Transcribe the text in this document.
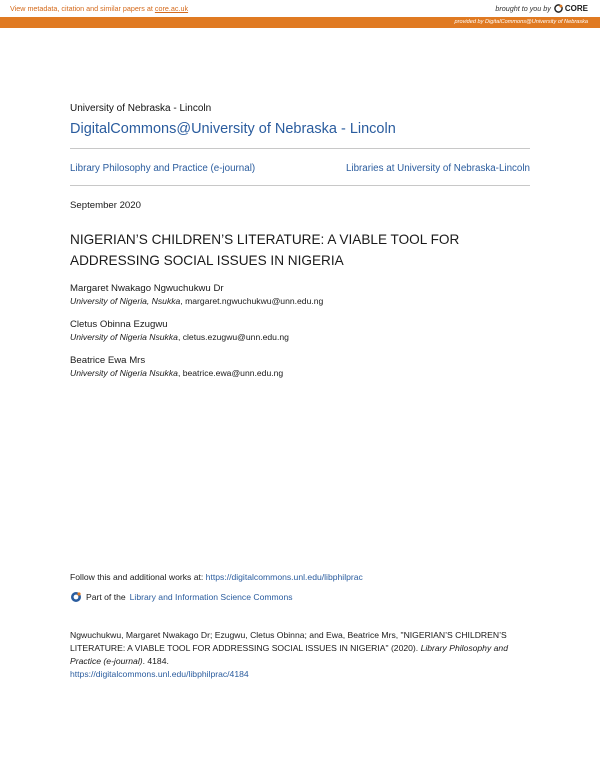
View metadata, citation and similar papers at core.ac.uk	brought to you by CORE
provided by DigitalCommons@University of Nebraska
University of Nebraska - Lincoln
DigitalCommons@University of Nebraska - Lincoln
Library Philosophy and Practice (e-journal)	Libraries at University of Nebraska-Lincoln
September 2020
NIGERIAN’S CHILDREN’S LITERATURE: A VIABLE TOOL FOR ADDRESSING SOCIAL ISSUES IN NIGERIA
Margaret Nwakago Ngwuchukwu Dr
University of Nigeria, Nsukka, margaret.ngwuchukwu@unn.edu.ng
Cletus Obinna Ezugwu
University of Nigeria Nsukka, cletus.ezugwu@unn.edu.ng
Beatrice Ewa Mrs
University of Nigeria Nsukka, beatrice.ewa@unn.edu.ng
Follow this and additional works at: https://digitalcommons.unl.edu/libphilprac
Part of the Library and Information Science Commons
Ngwuchukwu, Margaret Nwakago Dr; Ezugwu, Cletus Obinna; and Ewa, Beatrice Mrs, "NIGERIAN’S CHILDREN’S LITERATURE: A VIABLE TOOL FOR ADDRESSING SOCIAL ISSUES IN NIGERIA" (2020). Library Philosophy and Practice (e-journal). 4184.
https://digitalcommons.unl.edu/libphilprac/4184
